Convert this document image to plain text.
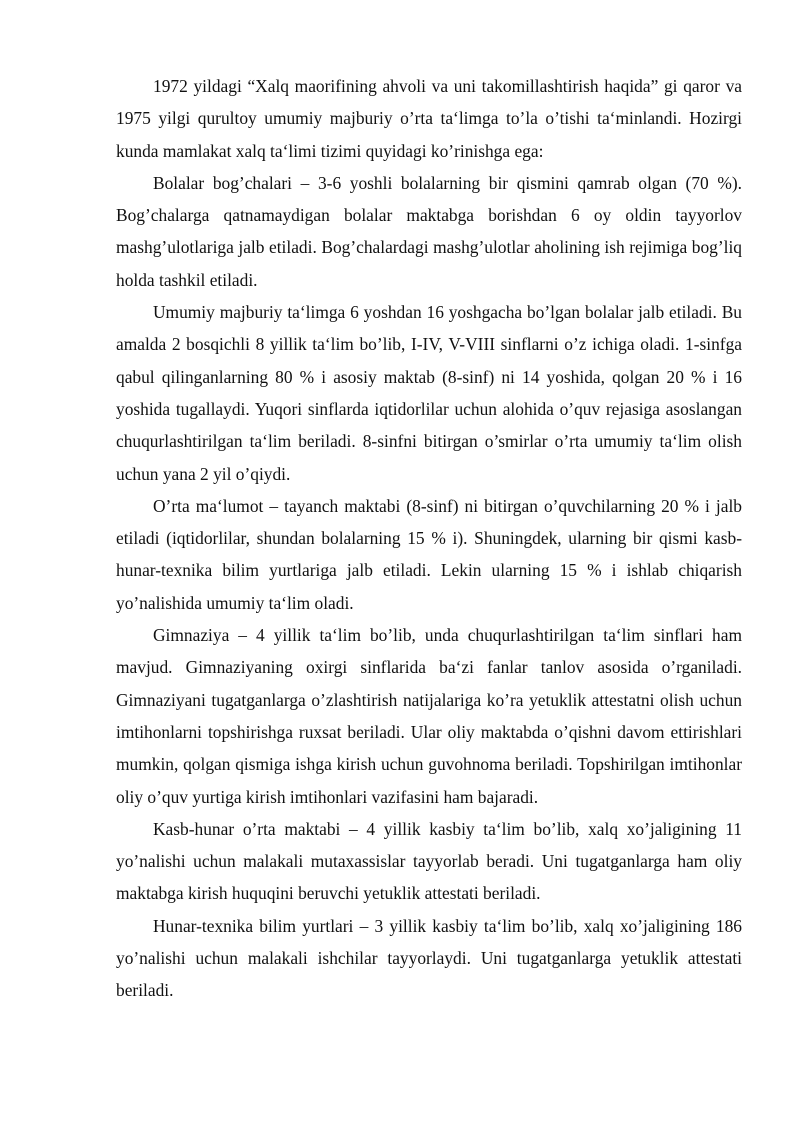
1972 yildagi “Xalq maorifining ahvoli va uni takomillashtirish haqida” gi qaror va 1975 yilgi qurultoy umumiy majburiy o’rta ta‘limga to’la o’tishi ta‘minlandi. Hozirgi kunda mamlakat xalq ta‘limi tizimi quyidagi ko’rinishga ega:

Bolalar bog’chalari – 3-6 yoshli bolalarning bir qismini qamrab olgan (70 %). Bog’chalarga qatnamaydigan bolalar maktabga borishdan 6 oy oldin tayyorlov mashg’ulotlariga jalb etiladi. Bog’chalardagi mashg’ulotlar aholining ish rejimiga bog’liq holda tashkil etiladi.

Umumiy majburiy ta‘limga 6 yoshdan 16 yoshgacha bo’lgan bolalar jalb etiladi. Bu amalda 2 bosqichli 8 yillik ta‘lim bo’lib, I-IV, V-VIII sinflarni o’z ichiga oladi. 1-sinfga qabul qilinganlarning 80 % i asosiy maktab (8-sinf) ni 14 yoshida, qolgan 20 % i 16 yoshida tugallaydi. Yuqori sinflarda iqtidorlilar uchun alohida o’quv rejasiga asoslangan chuqurlashtirilgan ta‘lim beriladi. 8-sinfni bitirgan o’smirlar o’rta umumiy ta‘lim olish uchun yana 2 yil o’qiydi.

O’rta ma‘lumot – tayanch maktabi (8-sinf) ni bitirgan o’quvchilarning 20 % i jalb etiladi (iqtidorlilar, shundan bolalarning 15 % i). Shuningdek, ularning bir qismi kasb-hunar-texnika bilim yurtlariga jalb etiladi. Lekin ularning 15 % i ishlab chiqarish yo’nalishida umumiy ta‘lim oladi.

Gimnaziya – 4 yillik ta‘lim bo’lib, unda chuqurlashtirilgan ta‘lim sinflari ham mavjud. Gimnaziyaning oxirgi sinflarida ba‘zi fanlar tanlov asosida o’rganiladi. Gimnaziyani tugatganlarga o’zlashtirish natijalariga ko’ra yetuklik attestatni olish uchun imtihonlarni topshirishga ruxsat beriladi. Ular oliy maktabda o’qishni davom ettirishlari mumkin, qolgan qismiga ishga kirish uchun guvohnoma beriladi. Topshirilgan imtihonlar oliy o’quv yurtiga kirish imtihonlari vazifasini ham bajaradi.

Kasb-hunar o’rta maktabi – 4 yillik kasbiy ta‘lim bo’lib, xalq xo’jaligining 11 yo’nalishi uchun malakali mutaxassislar tayyorlab beradi. Uni tugatganlarga ham oliy maktabga kirish huquqini beruvchi yetuklik attestati beriladi.

Hunar-texnika bilim yurtlari – 3 yillik kasbiy ta‘lim bo’lib, xalq xo’jaligining 186 yo’nalishi uchun malakali ishchilar tayyorlaydi. Uni tugatganlarga yetuklik attestati beriladi.
